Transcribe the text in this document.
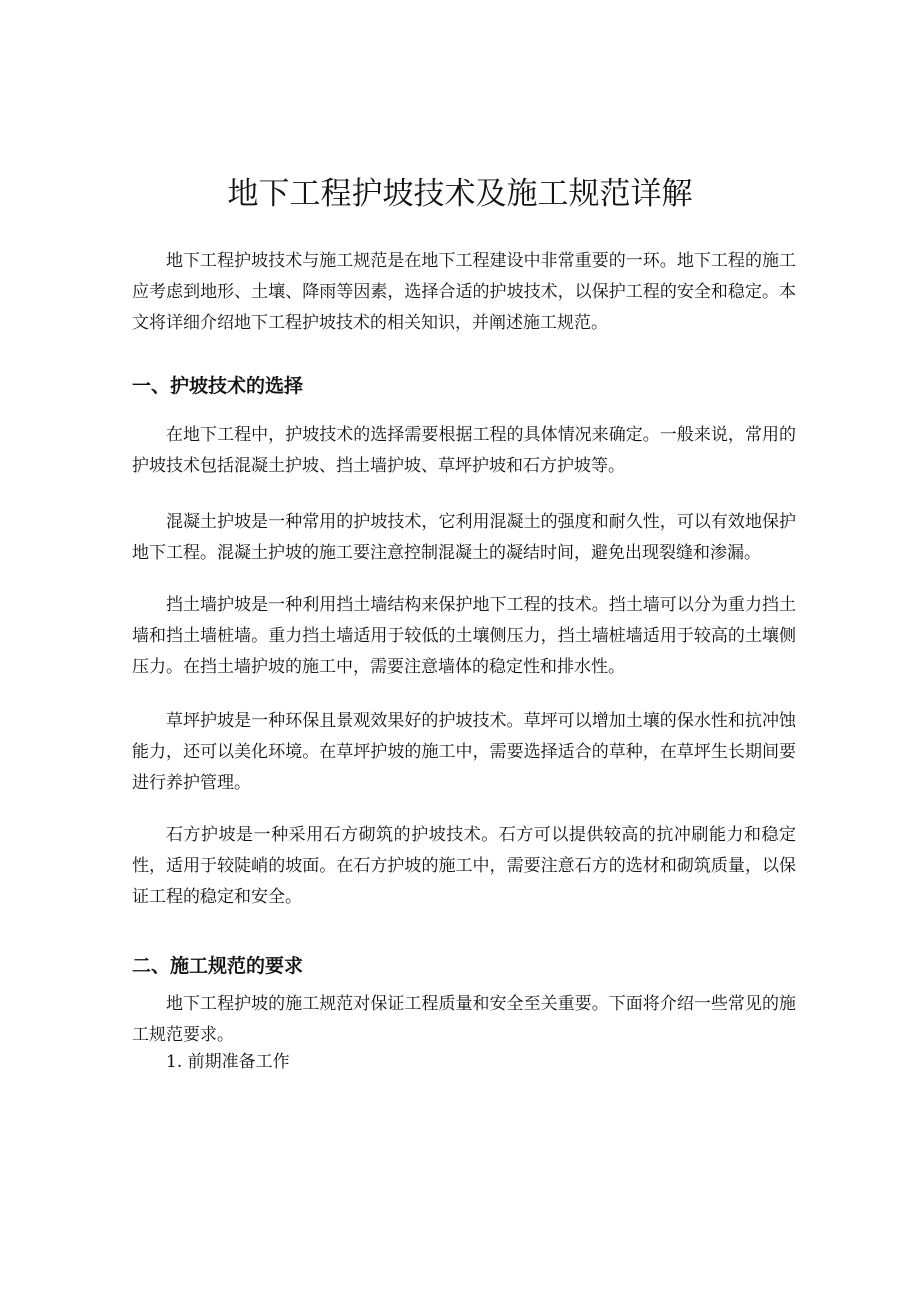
地下工程护坡技术及施工规范详解

地下工程护坡技术与施工规范是在地下工程建设中非常重要的一环。地下工程的施工应考虑到地形、土壤、降雨等因素，选择合适的护坡技术，以保护工程的安全和稳定。本文将详细介绍地下工程护坡技术的相关知识，并阐述施工规范。

一、护坡技术的选择

在地下工程中，护坡技术的选择需要根据工程的具体情况来确定。一般来说，常用的护坡技术包括混凝土护坡、挡土墙护坡、草坪护坡和石方护坡等。

混凝土护坡是一种常用的护坡技术，它利用混凝土的强度和耐久性，可以有效地保护地下工程。混凝土护坡的施工要注意控制混凝土的凝结时间，避免出现裂缝和渗漏。

挡土墙护坡是一种利用挡土墙结构来保护地下工程的技术。挡土墙可以分为重力挡土墙和挡土墙桩墙。重力挡土墙适用于较低的土壤侧压力，挡土墙桩墙适用于较高的土壤侧压力。在挡土墙护坡的施工中，需要注意墙体的稳定性和排水性。

草坪护坡是一种环保且景观效果好的护坡技术。草坪可以增加土壤的保水性和抗冲蚀能力，还可以美化环境。在草坪护坡的施工中，需要选择适合的草种，在草坪生长期间要进行养护管理。

石方护坡是一种采用石方砌筑的护坡技术。石方可以提供较高的抗冲刷能力和稳定性，适用于较陡峭的坡面。在石方护坡的施工中，需要注意石方的选材和砌筑质量，以保证工程的稳定和安全。

二、施工规范的要求

地下工程护坡的施工规范对保证工程质量和安全至关重要。下面将介绍一些常见的施工规范要求。

1. 前期准备工作
